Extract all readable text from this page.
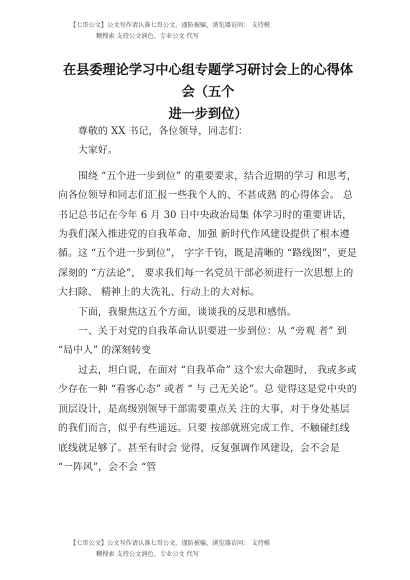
【七哥公文】公文写作请认准七哥公文，谨防被骗，浏览器访问： 支持模
糊搜索 支持公文润色、专业公文 代写
在县委理论学习中心组专题学习研讨会上的心得体会（五个
进一步到位）

尊敬的 XX 书记，各位领导，同志们：

大家好。

围绕 “五个进一步到位” 的重要要求，结合近期的学习 和思考，向各位领导和同志们汇报一些我个人的、不甚成熟 的心得体会。 总书记总书记在今年 6 月 30 日中央政治局集 体学习时的重要讲话，为我们深入推进党的自我革命、加强 新时代作风建设提供了根本遵循。这 “五个进一步到位”， 字字千钧，既是清晰的 “路线图”，更是深刻的 “方法论”， 要求我们每一名党员干部必须进行一次思想上的大扫除、 精神上的大洗礼、行动上的大对标。

下面，我聚焦这五个方面，谈谈我的反思和感悟。

一、关于对党的自我革命认识要进一步到位：从 “旁观 者” 到 “局中人” 的深刻转变

过去，坦白说，在面对 “自我革命” 这个宏大命题时， 我或多或少存在一种 “看客心态” 或者 “ 与 己无关论”。总 觉得这是党中央的顶层设计，是高级别领导干部需要重点关 注的大事，对于身处基层的我们而言，似乎有些遥远。只要 按部就班完成工作、不触碰红线底线就足够了。甚至有时会 觉得，反复强调作风建设，会不会是 “一阵风”，会不会 “管

【七哥公文】公文写作请认准七哥公文，谨防被骗，浏览器访问： 支持模
糊搜索 支持公文润色、专业公文 代写
